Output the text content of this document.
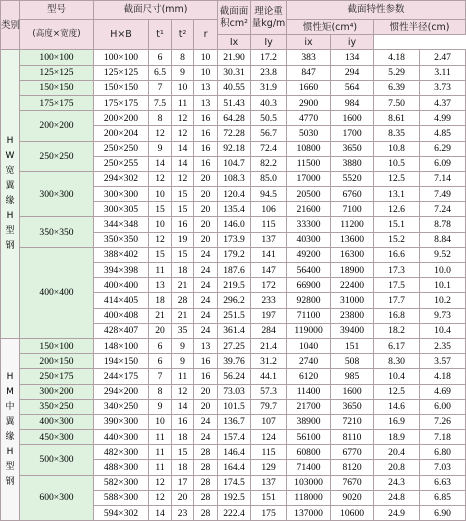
类别	型号	截面尺寸(mm)				截面面积cm²	理论重量kg/m	截面特性参数			
	(高度×宽度)	H×B	t¹	t²	r			惯性矩(cm⁴)		惯性半径(cm)	
						Ix	Iy	ix	iy		
HW宽翼缘H型钢	100×100	100×100	6	8	10	21.90	17.2	383	134	4.18	2.47
	125×125	125×125	6.5	9	10	30.31	23.8	847	294	5.29	3.11
	150×150	150×150	7	10	13	40.55	31.9	1660	564	6.39	3.73
	175×175	175×175	7.5	11	13	51.43	40.3	2900	984	7.50	4.37
	200×200	200×200	8	12	16	64.28	50.5	4770	1600	8.61	4.99
		200×204	12	12	16	72.28	56.7	5030	1700	8.35	4.85
	250×250	250×250	9	14	16	92.18	72.4	10800	3650	10.8	6.29
		250×255	14	14	16	104.7	82.2	11500	3880	10.5	6.09
	300×300	294×302	12	12	20	108.3	85.0	17000	5520	12.5	7.14
		300×300	10	15	20	120.4	94.5	20500	6760	13.1	7.49
		300×305	15	15	20	135.4	106	21600	7100	12.6	7.24
	350×350	344×348	10	16	20	146.0	115	33300	11200	15.1	8.78
		350×350	12	19	20	173.9	137	40300	13600	15.2	8.84
	400×400	388×402	15	15	24	179.2	141	49200	16300	16.6	9.52
		394×398	11	18	24	187.6	147	56400	18900	17.3	10.0
		400×400	13	21	24	219.5	172	66900	22400	17.5	10.1
		414×405	18	28	24	296.2	233	92800	31000	17.7	10.2
		400×408	21	21	24	251.5	197	71100	23800	16.8	9.73
		428×407	20	35	24	361.4	284	119000	39400	18.2	10.4
HM中翼缘H型钢	150×100	148×100	6	9	13	27.25	21.4	1040	151	6.17	2.35
	200×150	194×150	6	9	16	39.76	31.2	2740	508	8.30	3.57
	250×175	244×175	7	11	16	56.24	44.1	6120	985	10.4	4.18
	300×200	294×200	8	12	20	73.03	57.3	11400	1600	12.5	4.69
	350×250	340×250	9	14	20	101.5	79.7	21700	3650	14.6	6.00
	400×300	390×300	10	16	24	136.7	107	38900	7210	16.9	7.26
	450×300	440×300	11	18	24	157.4	124	56100	8110	18.9	7.18
	500×300	482×300	11	15	28	146.4	115	60800	6770	20.4	6.80
		488×300	11	18	28	164.4	129	71400	8120	20.8	7.03
	600×300	582×300	12	17	28	174.5	137	103000	7670	24.3	6.63
		588×300	12	20	28	192.5	151	118000	9020	24.8	6.85
		594×302	14	23	28	222.4	175	137000	10600	24.9	6.90
